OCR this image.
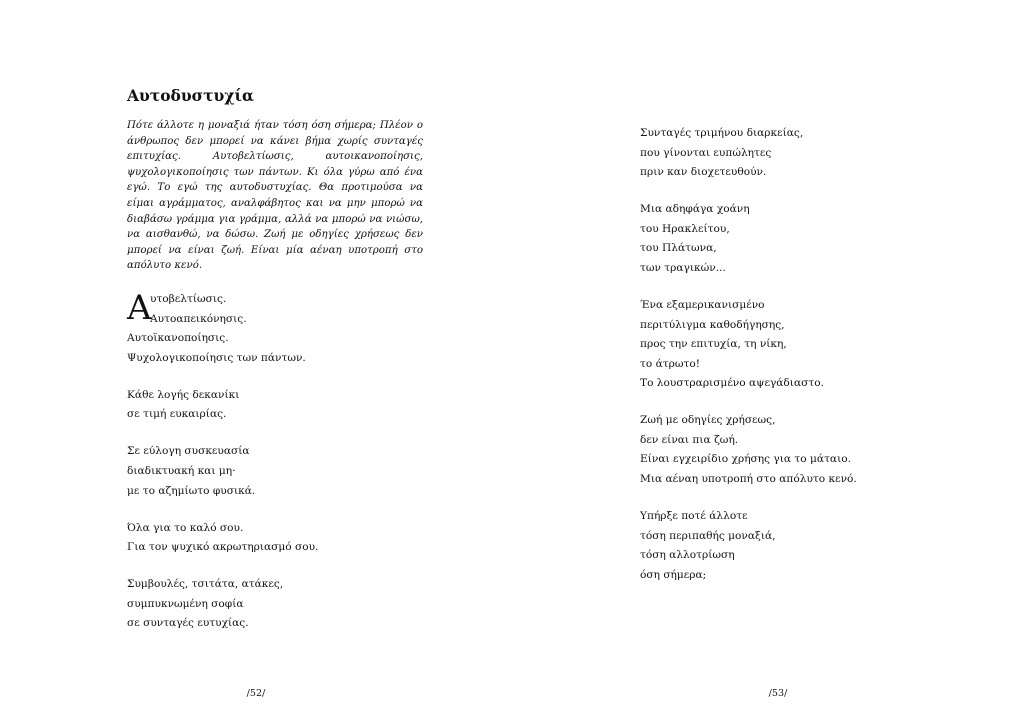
Αυτοδυστυχία

Πότε άλλοτε η μοναξιά ήταν τόση όση σήμερα; Πλέον ο άνθρωπος δεν μπορεί να κάνει βήμα χωρίς συνταγές επιτυχίας. Αυτοβελτίωσις, αυτοικανοποίησις, ψυχολογικοποίησις των πάντων. Κι όλα γύρω από ένα εγώ. Το εγώ της αυτοδυστυχίας. Θα προτιμούσα να είμαι αγράμματος, αναλφάβητος και να μην μπορώ να διαβάσω γράμμα για γράμμα, αλλά να μπορώ να νιώσω, να αισθανθώ, να δώσω. Ζωή με οδηγίες χρήσεως δεν μπορεί να είναι ζωή. Είναι μία αέναη υποτροπή στο απόλυτο κενό.

Α
υτοβελτίωσις.
Αυτοαπεικόνησις.
Αυτοϊκανοποίησις.
Ψυχολογικοποίησις των πάντων.
Κάθε λογής δεκανίκι
σε τιμή ευκαιρίας.
Σε εύλογη συσκευασία
διαδικτυακή και μη·
με το αζημίωτο φυσικά.
Όλα για το καλό σου.
Για τον ψυχικό ακρωτηριασμό σου.
Συμβουλές, τσιτάτα, ατάκες,
συμπυκνωμένη σοφία
σε συνταγές ευτυχίας.
/52/
Συνταγές τριμήνου διαρκείας,
που γίνονται ευπώλητες
πριν καν διοχετευθούν.
Μια αδηφάγα χοάνη
του Ηρακλείτου,
του Πλάτωνα,
των τραγικών...
Ένα εξαμερικανισμένο
περιτύλιγμα καθοδήγησης,
προς την επιτυχία, τη νίκη,
το άτρωτο!
Το λουστραρισμένο αψεγάδιαστο.
Ζωή με οδηγίες χρήσεως,
δεν είναι πια ζωή.
Είναι εγχειρίδιο χρήσης για το μάταιο.
Μια αέναη υποτροπή στο απόλυτο κενό.
Υπήρξε ποτέ άλλοτε
τόση περιπαθής μοναξιά,
τόση αλλοτρίωση
όση σήμερα;
/53/
